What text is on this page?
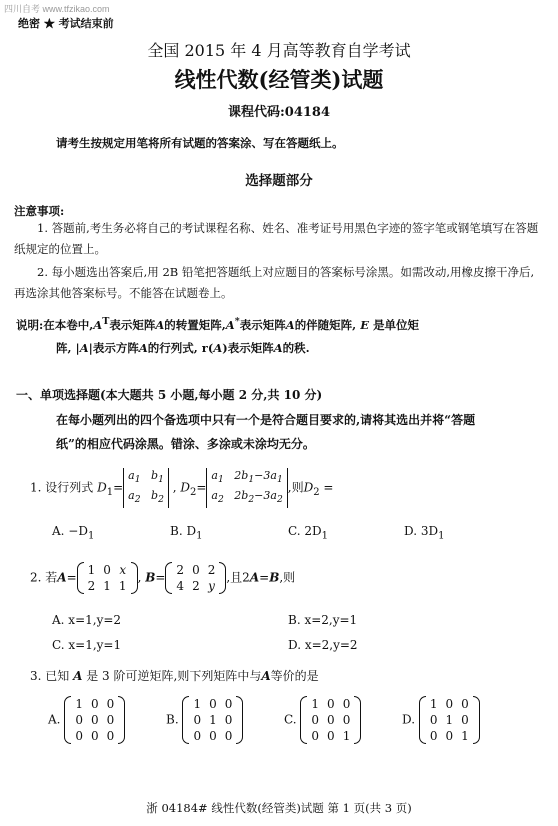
四川自考 www.tfzikao.com
绝密 ★ 考试结束前
全国 2015 年 4 月高等教育自学考试
线性代数(经管类)试题
课程代码:04184
请考生按规定用笔将所有试题的答案涂、写在答题纸上。
选择题部分
注意事项:
1. 答题前,考生务必将自己的考试课程名称、姓名、准考证号用黑色字迹的签字笔或钢笔填写在答题纸规定的位置上。
2. 每小题选出答案后,用 2B 铅笔把答题纸上对应题目的答案标号涂黑。如需改动,用橡皮擦干净后,再选涂其他答案标号。不能答在试题卷上。
说明:在本卷中$,A^T$表示矩阵A的转置矩阵,A*表示矩阵A的伴随矩阵, E 是单位矩
阵, |A|表示方阵A的行列式, r(A)表示矩阵A的秩.
一、单项选择题(本大题共 5 小题,每小题 2 分,共 10 分)
在每小题列出的四个备选项中只有一个是符合题目要求的,请将其选出并将“答题
纸”的相应代码涂黑。错涂、多涂或未涂均无分。
1. 设行列式 $D_1=a_1$   $b_1$
$a_2$   $b_2$ , $D_2=a_1$   $2b_1-3a_1$
$a_2$   $2b_2-3a_2$,则$D_2$ =
A. $-D_1$	B. $D_1$	C. $2D_1$	D. $3D_1$
2. 若A=
1	0	x
2	1	1
, B=
2	0	2
4	2	y
,且2A=B,则
A. x=1,y=2	B. x=2,y=1
C. x=1,y=1	D. x=2,y=2
3. 已知 A 是 3 阶可逆矩阵,则下列矩阵中与A等价的是
A.
1	0	0
0	0	0
0	0	0
B.
1	0	0
0	1	0
0	0	0
C.
1	0	0
0	0	0
0	0	1
D.
1	0	0
0	1	0
0	0	1
浙 04184# 线性代数(经管类)试题 第 1 页(共 3 页)
